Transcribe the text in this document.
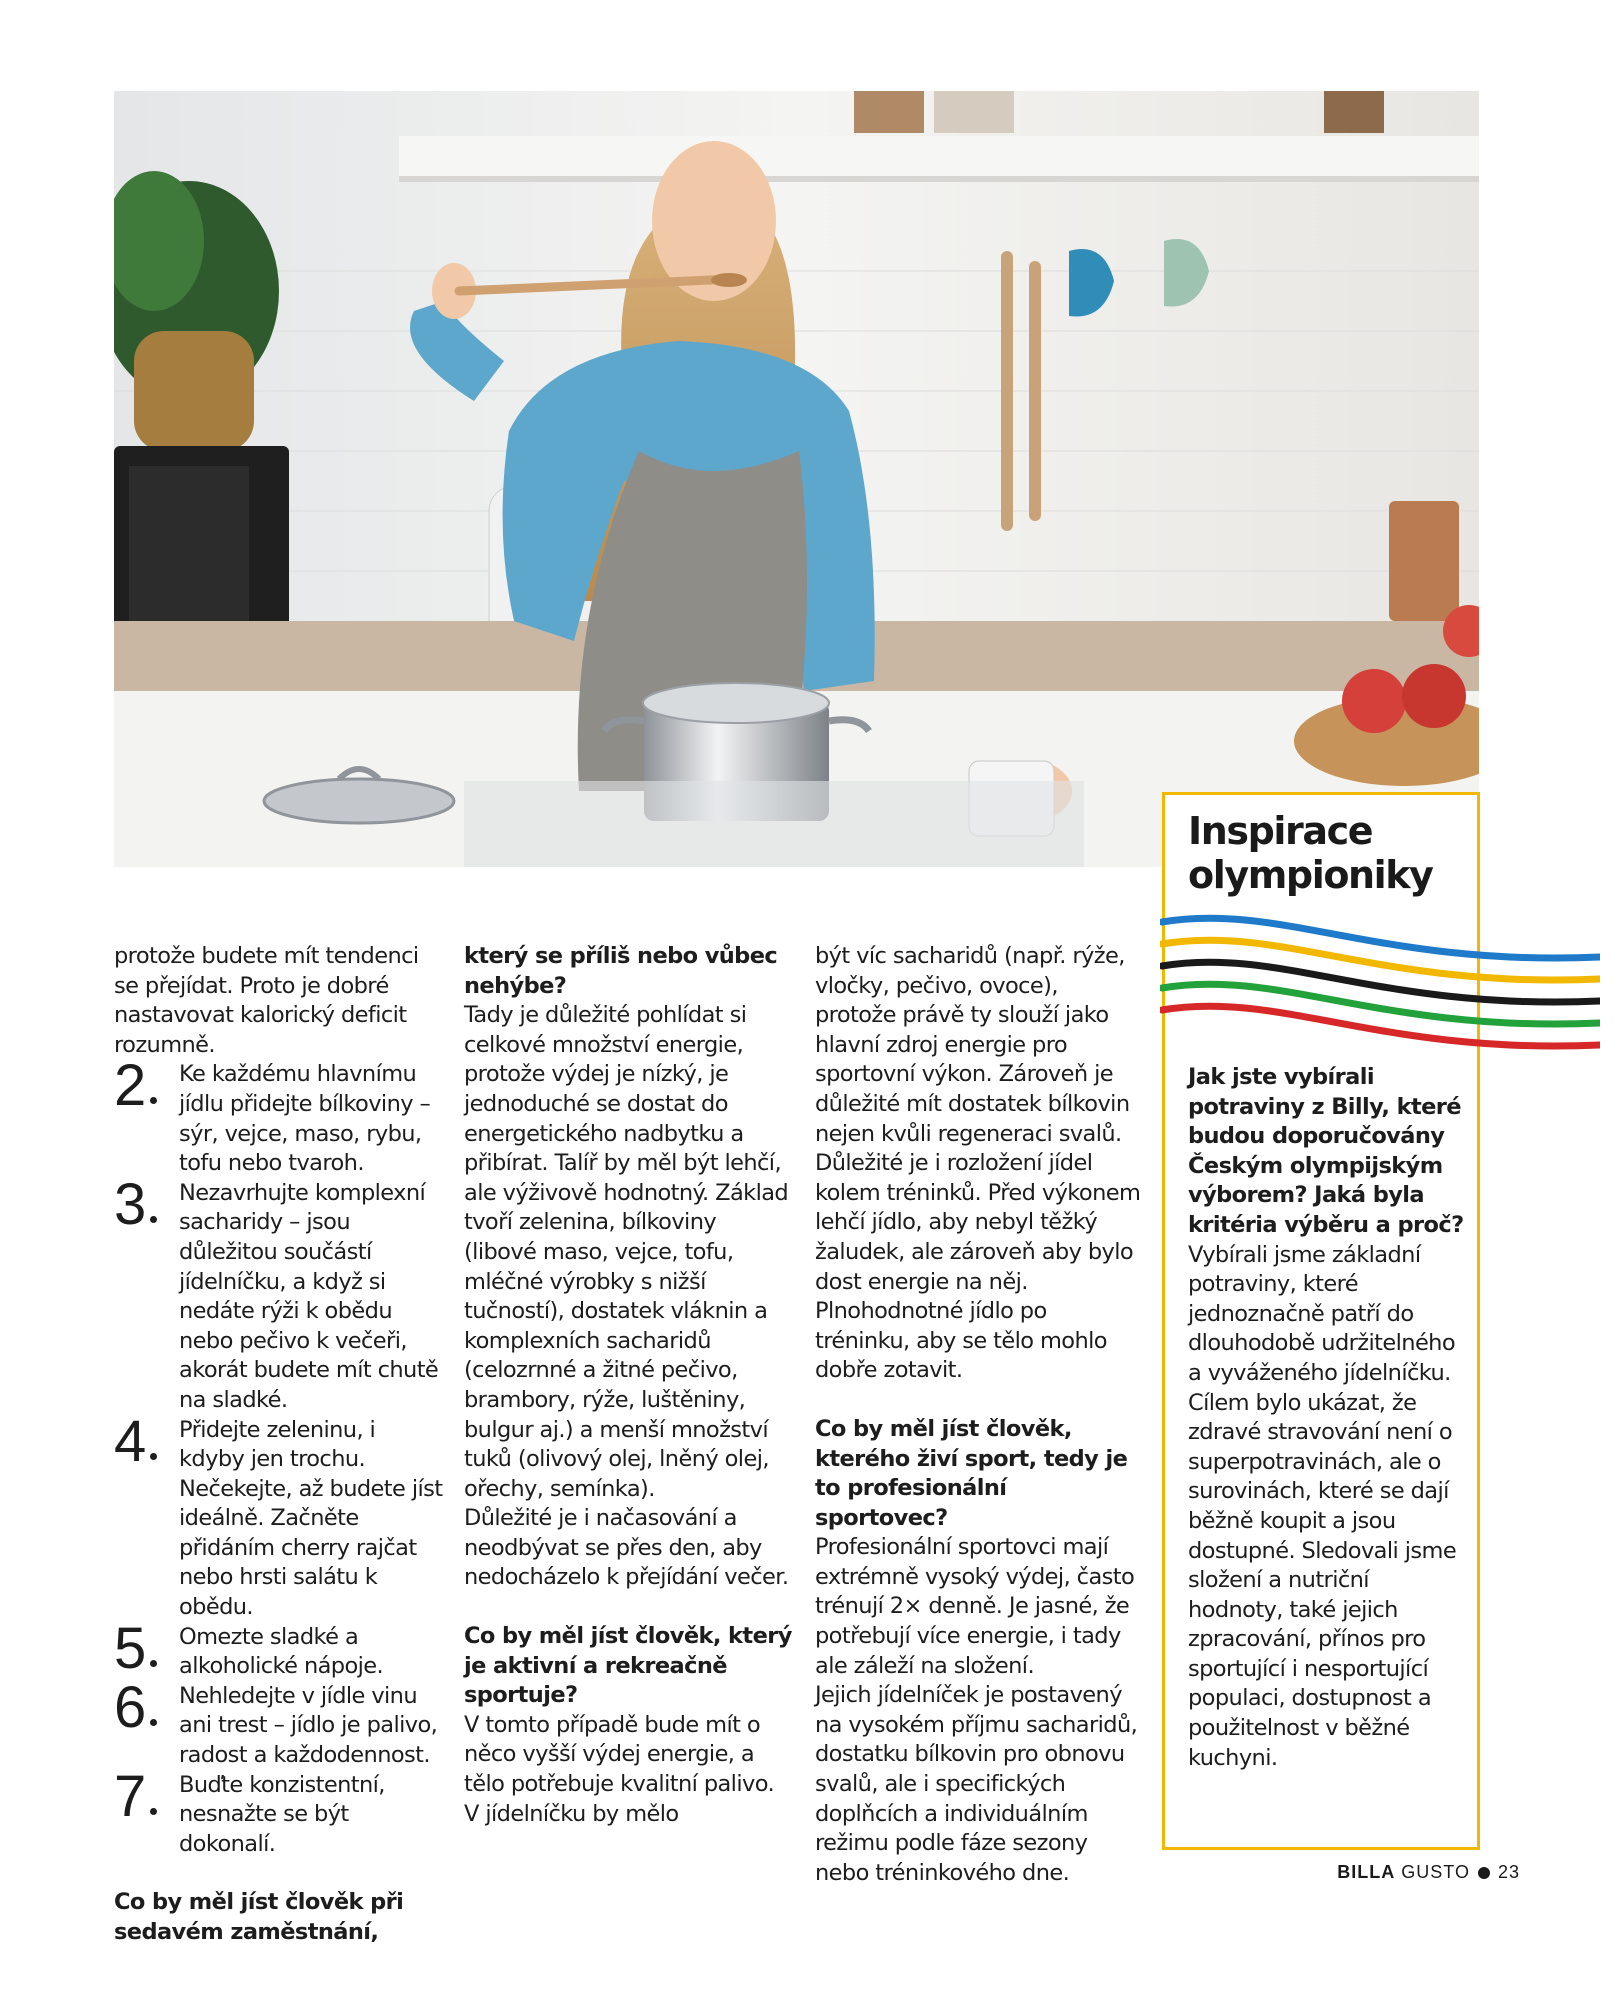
protože budete mít tendenci se přejídat. Proto je dobré nastavovat kalorický deficit rozumně.

2	Ke každému hlavnímu jídlu přidejte bílkoviny – sýr, vejce, maso, rybu, tofu nebo tvaroh.
3	Nezavrhujte komplexní sacharidy – jsou důležitou součástí jídelníčku, a když si nedáte rýži k obědu nebo pečivo k večeři, akorát budete mít chutě na sladké.
4	Přidejte zeleninu, i kdyby jen trochu. Nečekejte, až budete jíst ideálně. Začněte přidáním cherry rajčat nebo hrsti salátu k obědu.
5	Omezte sladké a alkoholické nápoje.
6	Nehledejte v jídle vinu ani trest – jídlo je palivo, radost a každodennost.
7	Buďte konzistentní, nesnažte se být dokonalí.

Co by měl jíst člověk při sedavém zaměstnání,

který se příliš nebo vůbec nehýbe?

Tady je důležité pohlídat si celkové množství energie, protože výdej je nízký, je jednoduché se dostat do energetického nadbytku a přibírat. Talíř by měl být lehčí, ale výživově hodnotný. Základ tvoří zelenina, bílkoviny (libové maso, vejce, tofu, mléčné výrobky s nižší tučností), dostatek vláknin a komplexních sacharidů (celozrnné a žitné pečivo, brambory, rýže, luštěniny, bulgur aj.) a menší množství tuků (olivový olej, lněný olej, ořechy, semínka).

Důležité je i načasování a neodbývat se přes den, aby nedocházelo k přejídání večer.

Co by měl jíst člověk, který je aktivní a rekreačně sportuje?

V tomto případě bude mít o něco vyšší výdej energie, a tělo potřebuje kvalitní palivo. V jídelníčku by mělo

být víc sacharidů (např. rýže, vločky, pečivo, ovoce), protože právě ty slouží jako hlavní zdroj energie pro sportovní výkon. Zároveň je důležité mít dostatek bílkovin nejen kvůli regeneraci svalů.

Důležité je i rozložení jídel kolem tréninků. Před výkonem lehčí jídlo, aby nebyl těžký žaludek, ale zároveň aby bylo dost energie na něj. Plnohodnotné jídlo po tréninku, aby se tělo mohlo dobře zotavit.

Co by měl jíst člověk, kterého živí sport, tedy je to profesionální sportovec?

Profesionální sportovci mají extrémně vysoký výdej, často trénují 2× denně. Je jasné, že potřebují více energie, i tady ale záleží na složení.

Jejich jídelníček je postavený na vysokém příjmu sacharidů, dostatku bílkovin pro obnovu svalů, ale i specifických doplňcích a individuálním režimu podle fáze sezony nebo tréninkového dne.

Inspirace olympioniky

Jak jste vybírali potraviny z Billy, které budou doporučovány Českým olympijským výborem? Jaká byla kritéria výběru a proč?

Vybírali jsme základní potraviny, které jednoznačně patří do dlouhodobě udržitelného a vyváženého jídelníčku. Cílem bylo ukázat, že zdravé stravování není o superpotravinách, ale o surovinách, které se dají běžně koupit a jsou dostupné. Sledovali jsme složení a nutriční hodnoty, také jejich zpracování, přínos pro sportující i nesportující populaci, dostupnost a použitelnost v běžné kuchyni.

BILLA GUSTO 23
